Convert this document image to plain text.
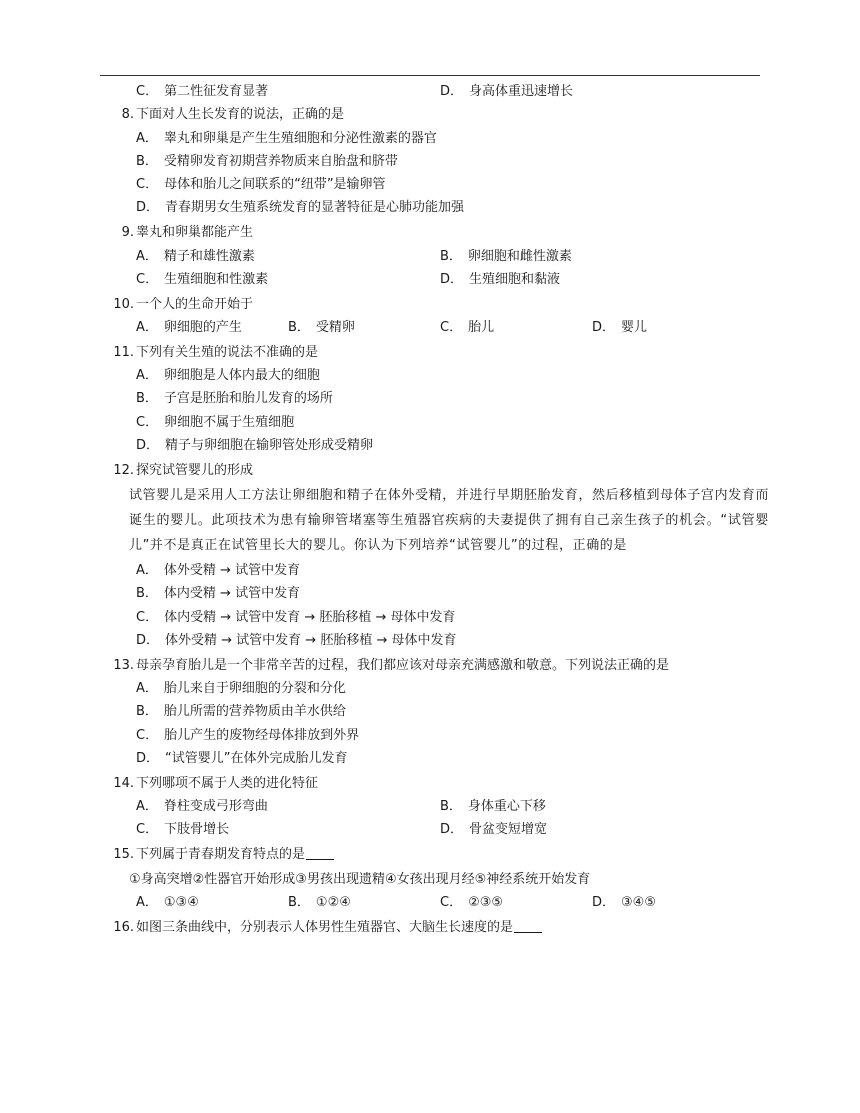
C． 第二性征发育显著	D． 身高体重迅速增长
8. 下面对人生长发育的说法，正确的是
A． 睾丸和卵巢是产生生殖细胞和分泌性激素的器官
B． 受精卵发育初期营养物质来自胎盘和脐带
C． 母体和胎儿之间联系的“纽带”是输卵管
D． 青春期男女生殖系统发育的显著特征是心肺功能加强
9. 睾丸和卵巢都能产生
A． 精子和雄性激素	B． 卵细胞和雌性激素
C． 生殖细胞和性激素	D． 生殖细胞和黏液
10. 一个人的生命开始于
A． 卵细胞的产生	B． 受精卵	C． 胎儿	D． 婴儿
11. 下列有关生殖的说法不准确的是
A． 卵细胞是人体内最大的细胞
B． 子宫是胚胎和胎儿发育的场所
C． 卵细胞不属于生殖细胞
D． 精子与卵细胞在输卵管处形成受精卵
12. 探究试管婴儿的形成
试管婴儿是采用人工方法让卵细胞和精子在体外受精，并进行早期胚胎发育，然后移植到母体子宫内发育而诞生的婴儿。此项技术为患有输卵管堵塞等生殖器官疾病的夫妻提供了拥有自己亲生孩子的机会。“试管婴儿”并不是真正在试管里长大的婴儿。你认为下列培养“试管婴儿”的过程，正确的是
A． 体外受精 → 试管中发育
B． 体内受精 → 试管中发育
C． 体内受精 → 试管中发育 → 胚胎移植 → 母体中发育
D． 体外受精 → 试管中发育 → 胚胎移植 → 母体中发育
13. 母亲孕育胎儿是一个非常辛苦的过程，我们都应该对母亲充满感激和敬意。下列说法正确的是
A． 胎儿来自于卵细胞的分裂和分化
B． 胎儿所需的营养物质由羊水供给
C． 胎儿产生的废物经母体排放到外界
D． “试管婴儿”在体外完成胎儿发育
14. 下列哪项不属于人类的进化特征
A． 脊柱变成弓形弯曲	B． 身体重心下移
C． 下肢骨增长	D． 骨盆变短增宽
15. 下列属于青春期发育特点的是
①身高突增②性器官开始形成③男孩出现遗精④女孩出现月经⑤神经系统开始发育
A． ①③④	B． ①②④	C． ②③⑤	D． ③④⑤
16. 如图三条曲线中，分别表示人体男性生殖器官、大脑生长速度的是
